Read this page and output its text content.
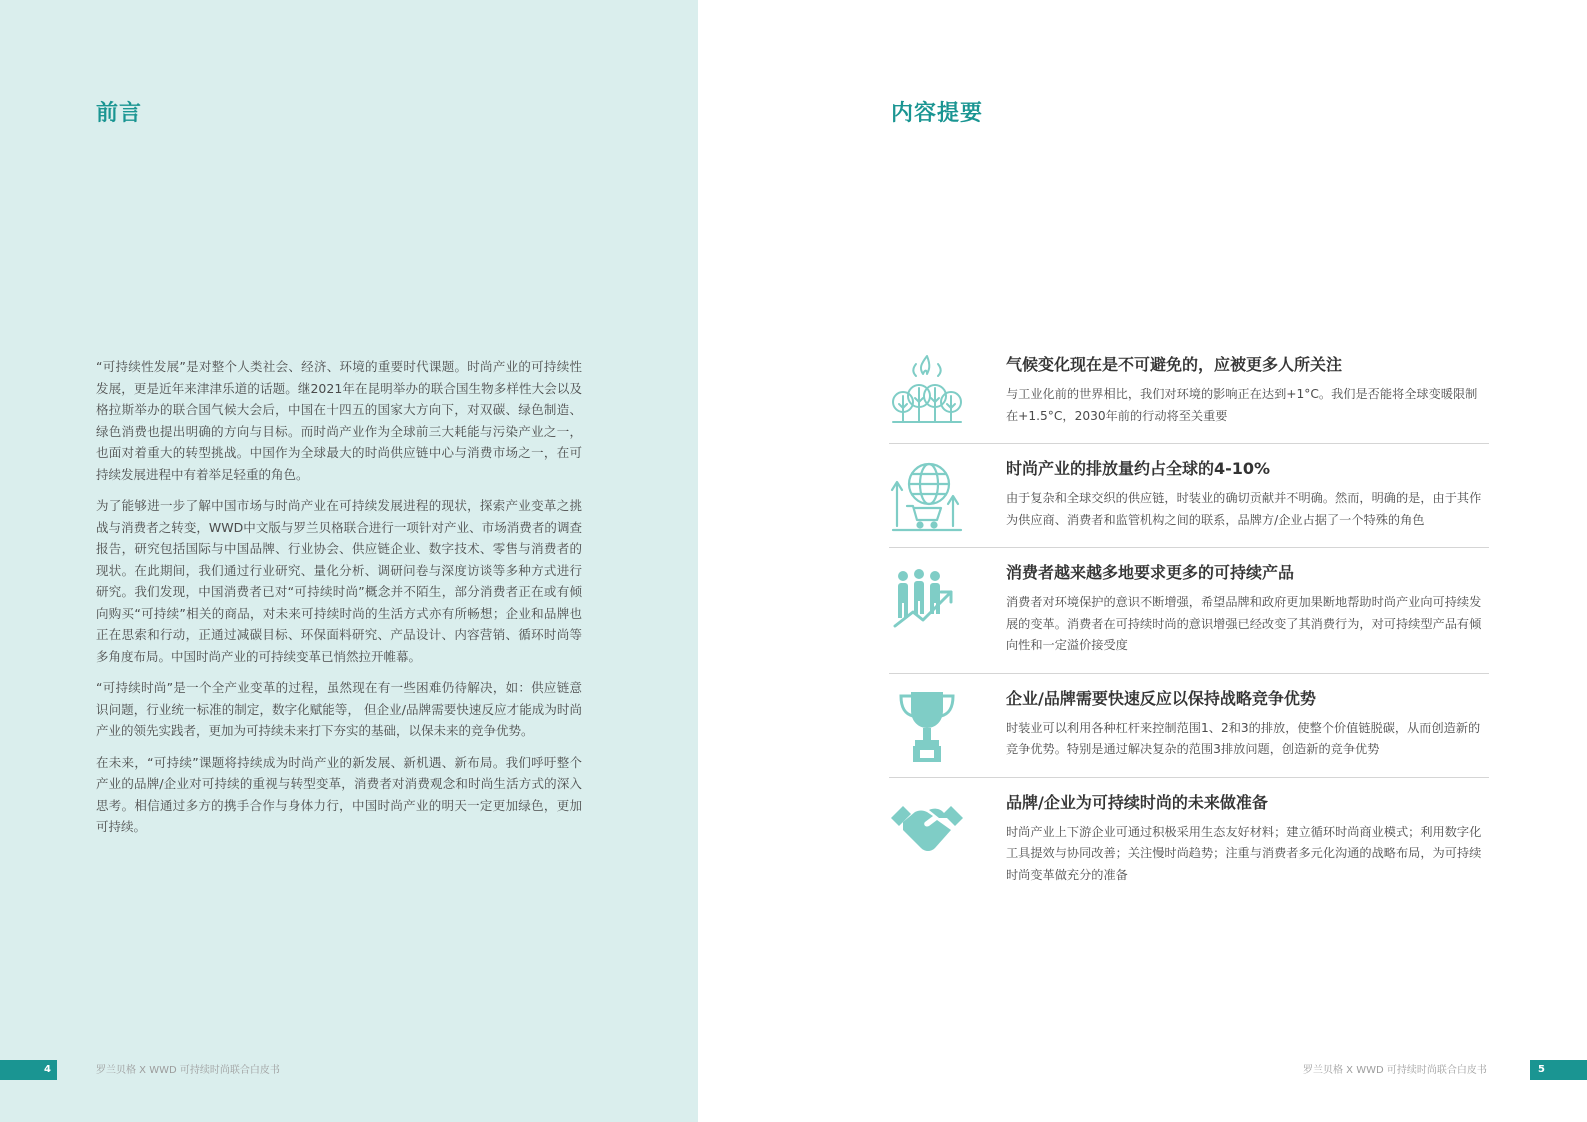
前言

“可持续性发展”是对整个人类社会、经济、环境的重要时代课题。时尚产业的可持续性发展，更是近年来津津乐道的话题。继2021年在昆明举办的联合国生物多样性大会以及格拉斯举办的联合国气候大会后，中国在十四五的国家大方向下，对双碳、绿色制造、绿色消费也提出明确的方向与目标。而时尚产业作为全球前三大耗能与污染产业之一，也面对着重大的转型挑战。中国作为全球最大的时尚供应链中心与消费市场之一，在可持续发展进程中有着举足轻重的角色。

为了能够进一步了解中国市场与时尚产业在可持续发展进程的现状，探索产业变革之挑战与消费者之转变，WWD中文版与罗兰贝格联合进行一项针对产业、市场消费者的调查报告，研究包括国际与中国品牌、行业协会、供应链企业、数字技术、零售与消费者的现状。在此期间，我们通过行业研究、量化分析、调研问卷与深度访谈等多种方式进行研究。我们发现，中国消费者已对“可持续时尚”概念并不陌生，部分消费者正在或有倾向购买“可持续”相关的商品，对未来可持续时尚的生活方式亦有所畅想；企业和品牌也正在思索和行动，正通过减碳目标、环保面料研究、产品设计、内容营销、循环时尚等多角度布局。中国时尚产业的可持续变革已悄然拉开帷幕。

“可持续时尚”是一个全产业变革的过程，虽然现在有一些困难仍待解决，如：供应链意识问题，行业统一标准的制定，数字化赋能等， 但企业/品牌需要快速反应才能成为时尚产业的领先实践者，更加为可持续未来打下夯实的基础，以保未来的竞争优势。

在未来，“可持续”课题将持续成为时尚产业的新发展、新机遇、新布局。我们呼吁整个产业的品牌/企业对可持续的重视与转型变革，消费者对消费观念和时尚生活方式的深入思考。相信通过多方的携手合作与身体力行，中国时尚产业的明天一定更加绿色，更加可持续。

内容提要
气候变化现在是不可避免的，应被更多人所关注

与工业化前的世界相比，我们对环境的影响正在达到+1°C。我们是否能将全球变暖限制在+1.5°C，2030年前的行动将至关重要

时尚产业的排放量约占全球的4-10%

由于复杂和全球交织的供应链，时装业的确切贡献并不明确。然而，明确的是，由于其作为供应商、消费者和监管机构之间的联系，品牌方/企业占据了一个特殊的角色

消费者越来越多地要求更多的可持续产品

消费者对环境保护的意识不断增强，希望品牌和政府更加果断地帮助时尚产业向可持续发展的变革。消费者在可持续时尚的意识增强已经改变了其消费行为，对可持续型产品有倾向性和一定溢价接受度

企业/品牌需要快速反应以保持战略竞争优势

时装业可以利用各种杠杆来控制范围1、2和3的排放，使整个价值链脱碳，从而创造新的竞争优势。特别是通过解决复杂的范围3排放问题，创造新的竞争优势

品牌/企业为可持续时尚的未来做准备

时尚产业上下游企业可通过积极采用生态友好材料；建立循环时尚商业模式；利用数字化工具提效与协同改善；关注慢时尚趋势；注重与消费者多元化沟通的战略布局，为可持续时尚变革做充分的准备

4	罗兰贝格 X WWD 可持续时尚联合白皮书	罗兰贝格 X WWD 可持续时尚联合白皮书	5
